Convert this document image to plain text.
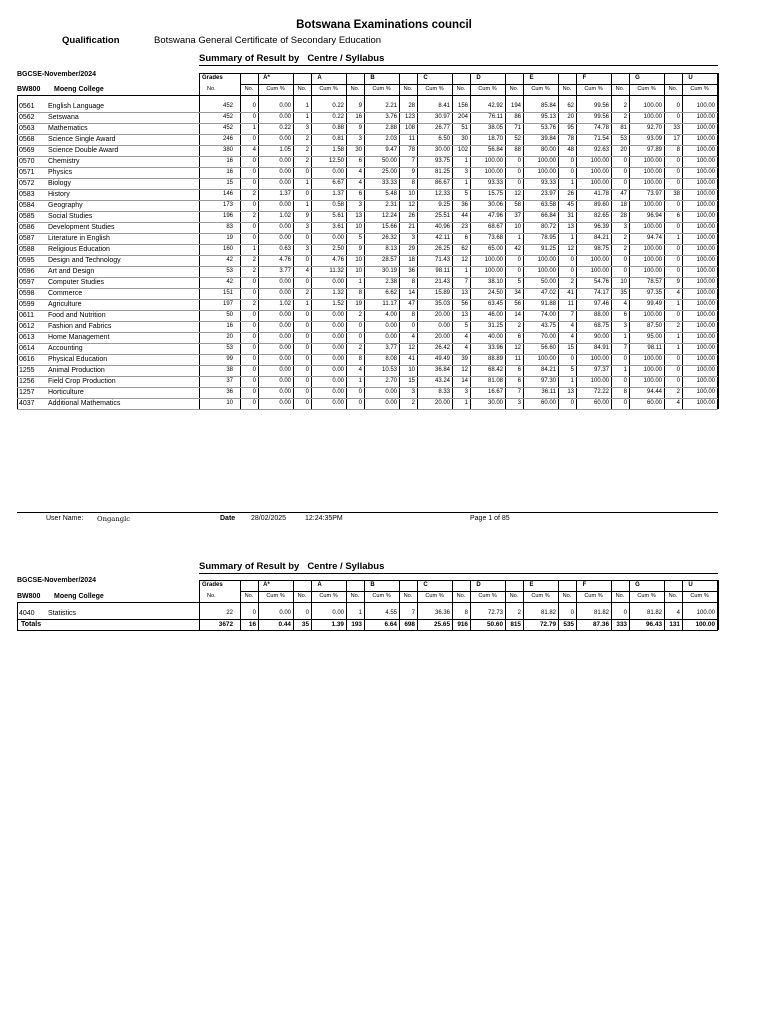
Botswana Examinations council
Qualification	Botswana General Certificate of Secondary Education
Summary of Result by Centre / Syllabus
BGCSE-November/2024
BW800 Moeng College
Grades
No.
A*
No.	Cum %
A
No.	Cum %
B
No.	Cum %
C
No.	Cum %
D
No.	Cum %
E
No.	Cum %
F
No.	Cum %
G
No.	Cum %
U
No.	Cum %
0561 English Language	452	0	0.00	1	0.22	9	2.21	28	8.41	156	42.92	194	85.84	62	99.56	2	100.00	0	100.00
0562 Setswana	452	0	0.00	1	0.22	16	3.76	123	30.97	204	76.11	86	95.13	20	99.56	2	100.00	0	100.00
0563 Mathematics	452	1	0.22	3	0.88	9	2.88	108	26.77	51	38.05	71	53.76	95	74.78	81	92.70	33	100.00
0568 Science Single Award	246	0	0.00	2	0.81	3	2.03	11	6.50	30	18.70	52	39.84	78	71.54	53	93.09	17	100.00
0569 Science Double Award	380	4	1.05	2	1.58	30	9.47	78	30.00	102	56.84	88	80.00	48	92.63	20	97.89	8	100.00
0570 Chemistry	16	0	0.00	2	12.50	6	50.00	7	93.75	1	100.00	0	100.00	0	100.00	0	100.00	0	100.00
0571 Physics	16	0	0.00	0	0.00	4	25.00	9	81.25	3	100.00	0	100.00	0	100.00	0	100.00	0	100.00
0572 Biology	15	0	0.00	1	6.67	4	33.33	8	86.67	1	93.33	0	93.33	1	100.00	0	100.00	0	100.00
0583 History	146	2	1.37	0	1.37	6	5.48	10	12.33	5	15.75	12	23.97	26	41.78	47	73.97	38	100.00
0584 Geography	173	0	0.00	1	0.58	3	2.31	12	9.25	36	30.06	58	63.58	45	89.60	18	100.00	0	100.00
0585 Social Studies	196	2	1.02	9	5.61	13	12.24	26	25.51	44	47.96	37	66.84	31	82.65	28	96.94	6	100.00
0586 Development Studies	83	0	0.00	3	3.61	10	15.66	21	40.96	23	68.67	10	80.72	13	96.39	3	100.00	0	100.00
0587 Literature in English	19	0	0.00	0	0.00	5	26.32	3	42.11	6	73.68	1	78.95	1	84.21	2	94.74	1	100.00
0588 Religious Education	160	1	0.63	3	2.50	9	8.13	29	26.25	62	65.00	42	91.25	12	98.75	2	100.00	0	100.00
0595 Design and Technology	42	2	4.76	0	4.76	10	28.57	18	71.43	12	100.00	0	100.00	0	100.00	0	100.00	0	100.00
0596 Art and Design	53	2	3.77	4	11.32	10	30.19	36	98.11	1	100.00	0	100.00	0	100.00	0	100.00	0	100.00
0597 Computer Studies	42	0	0.00	0	0.00	1	2.38	8	21.43	7	38.10	5	50.00	2	54.76	10	78.57	9	100.00
0598 Commerce	151	0	0.00	2	1.32	8	6.62	14	15.89	13	24.50	34	47.02	41	74.17	35	97.35	4	100.00
0599 Agriculture	197	2	1.02	1	1.52	19	11.17	47	35.03	56	63.45	56	91.88	11	97.46	4	99.49	1	100.00
0611 Food and Nutrition	50	0	0.00	0	0.00	2	4.00	8	20.00	13	46.00	14	74.00	7	88.00	6	100.00	0	100.00
0612 Fashion and Fabrics	16	0	0.00	0	0.00	0	0.00	0	0.00	5	31.25	2	43.75	4	68.75	3	87.50	2	100.00
0613 Home Management	20	0	0.00	0	0.00	0	0.00	4	20.00	4	40.00	6	70.00	4	90.00	1	95.00	1	100.00
0614 Accounting	53	0	0.00	0	0.00	2	3.77	12	26.42	4	33.96	12	56.60	15	84.91	7	98.11	1	100.00
0616 Physical Education	99	0	0.00	0	0.00	8	8.08	41	49.49	39	88.89	11	100.00	0	100.00	0	100.00	0	100.00
1255 Animal Production	38	0	0.00	0	0.00	4	10.53	10	36.84	12	68.42	6	84.21	5	97.37	1	100.00	0	100.00
1256 Field Crop Production	37	0	0.00	0	0.00	1	2.70	15	43.24	14	81.08	6	97.30	1	100.00	0	100.00	0	100.00
1257 Horticulture	36	0	0.00	0	0.00	0	0.00	3	8.33	3	16.67	7	36.11	13	72.22	8	94.44	2	100.00
4037 Additional Mathematics	10	0	0.00	0	0.00	0	0.00	2	20.00	1	30.00	3	60.00	0	60.00	0	60.00	4	100.00
User Name: Onganglc	Date 28/02/2025	12:24:35PM	Page 1 of 85
Summary of Result by Centre / Syllabus
BGCSE-November/2024
BW800 Moeng College
Grades
No.
A*
No.	Cum %
A
No.	Cum %
B
No.	Cum %
C
No.	Cum %
D
No.	Cum %
E
No.	Cum %
F
No.	Cum %
G
No.	Cum %
U
No.	Cum %
4040 Statistics	22	0	0.00	0	0.00	1	4.55	7	36.36	8	72.73	2	81.82	0	81.82	0	81.82	4	100.00
Totals	3672	16	0.44	35	1.39	193	6.64	698	25.65	916	50.60	815	72.79	535	87.36	333	96.43	131	100.00
